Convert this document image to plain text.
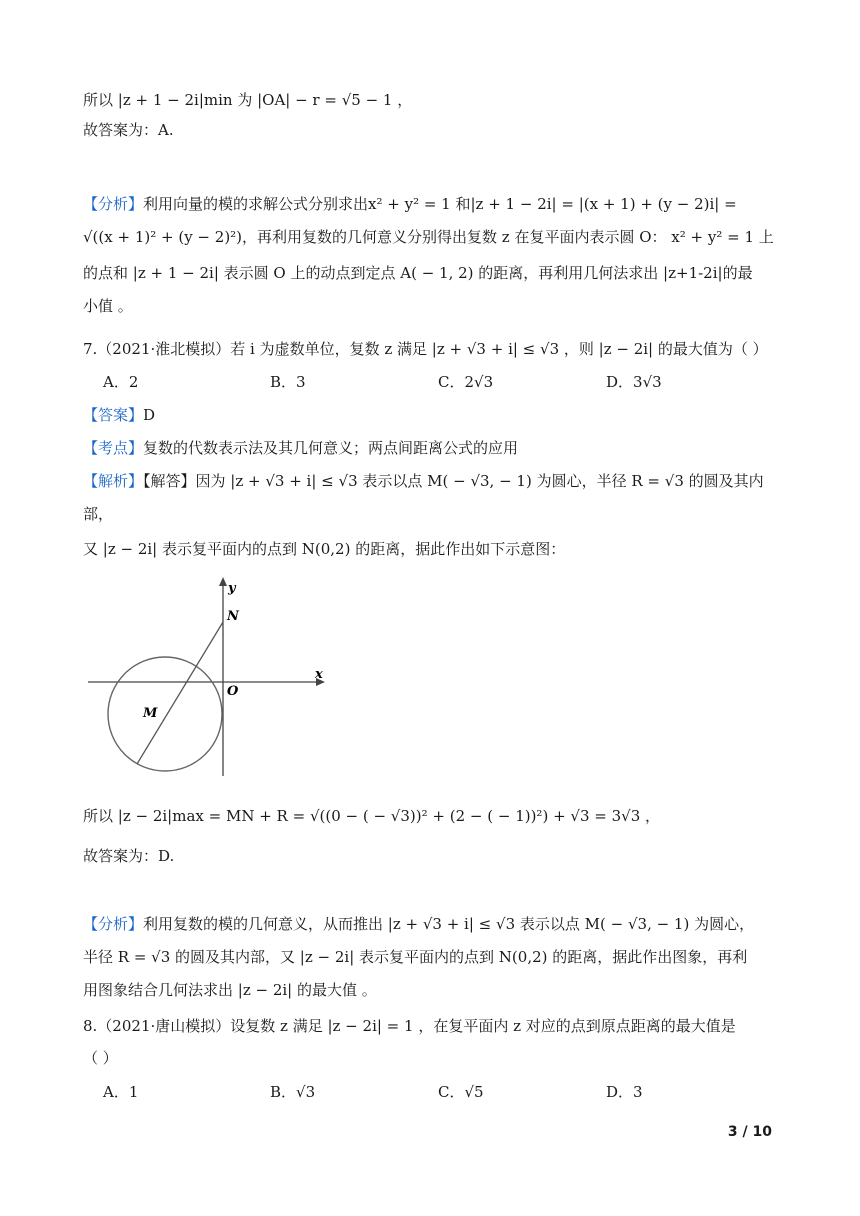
所以 |z + 1 − 2i|min 为 |OA| − r = √5 − 1 ，
故答案为：A.
【分析】利用向量的模的求解公式分别求出x² + y² = 1 和|z + 1 − 2i| = |(x + 1) + (y − 2)i| =
√((x + 1)² + (y − 2)²)，再利用复数的几何意义分别得出复数 z 在复平面内表示圆 O： x² + y² = 1 上
的点和 |z + 1 − 2i| 表示圆 O 上的动点到定点 A( − 1, 2) 的距离，再利用几何法求出 |z+1-2i|的最
小值 。
7.（2021·淮北模拟）若 i 为虚数单位，复数 z 满足 |z + √3 + i| ≤ √3 ，则 |z − 2i| 的最大值为（ ）
A．2	B．3	C．2√3	D．3√3
【答案】D
【考点】复数的代数表示法及其几何意义；两点间距离公式的应用
【解析】【解答】因为 |z + √3 + i| ≤ √3 表示以点 M( − √3, − 1) 为圆心，半径 R = √3 的圆及其内
部，
又 |z − 2i| 表示复平面内的点到 N(0,2) 的距离，据此作出如下示意图：
y
x
N
O
M
所以 |z − 2i|max = MN + R = √((0 − ( − √3))² + (2 − ( − 1))²) + √3 = 3√3 ，
故答案为：D.
【分析】利用复数的模的几何意义，从而推出 |z + √3 + i| ≤ √3 表示以点 M( − √3, − 1) 为圆心，
半径 R = √3 的圆及其内部，又 |z − 2i| 表示复平面内的点到 N(0,2) 的距离，据此作出图象，再利
用图象结合几何法求出 |z − 2i| 的最大值 。
8.（2021·唐山模拟）设复数 z 满足 |z − 2i| = 1 ，在复平面内 z 对应的点到原点距离的最大值是
（ ）
A．1	B．√3	C．√5	D．3
3 / 10
